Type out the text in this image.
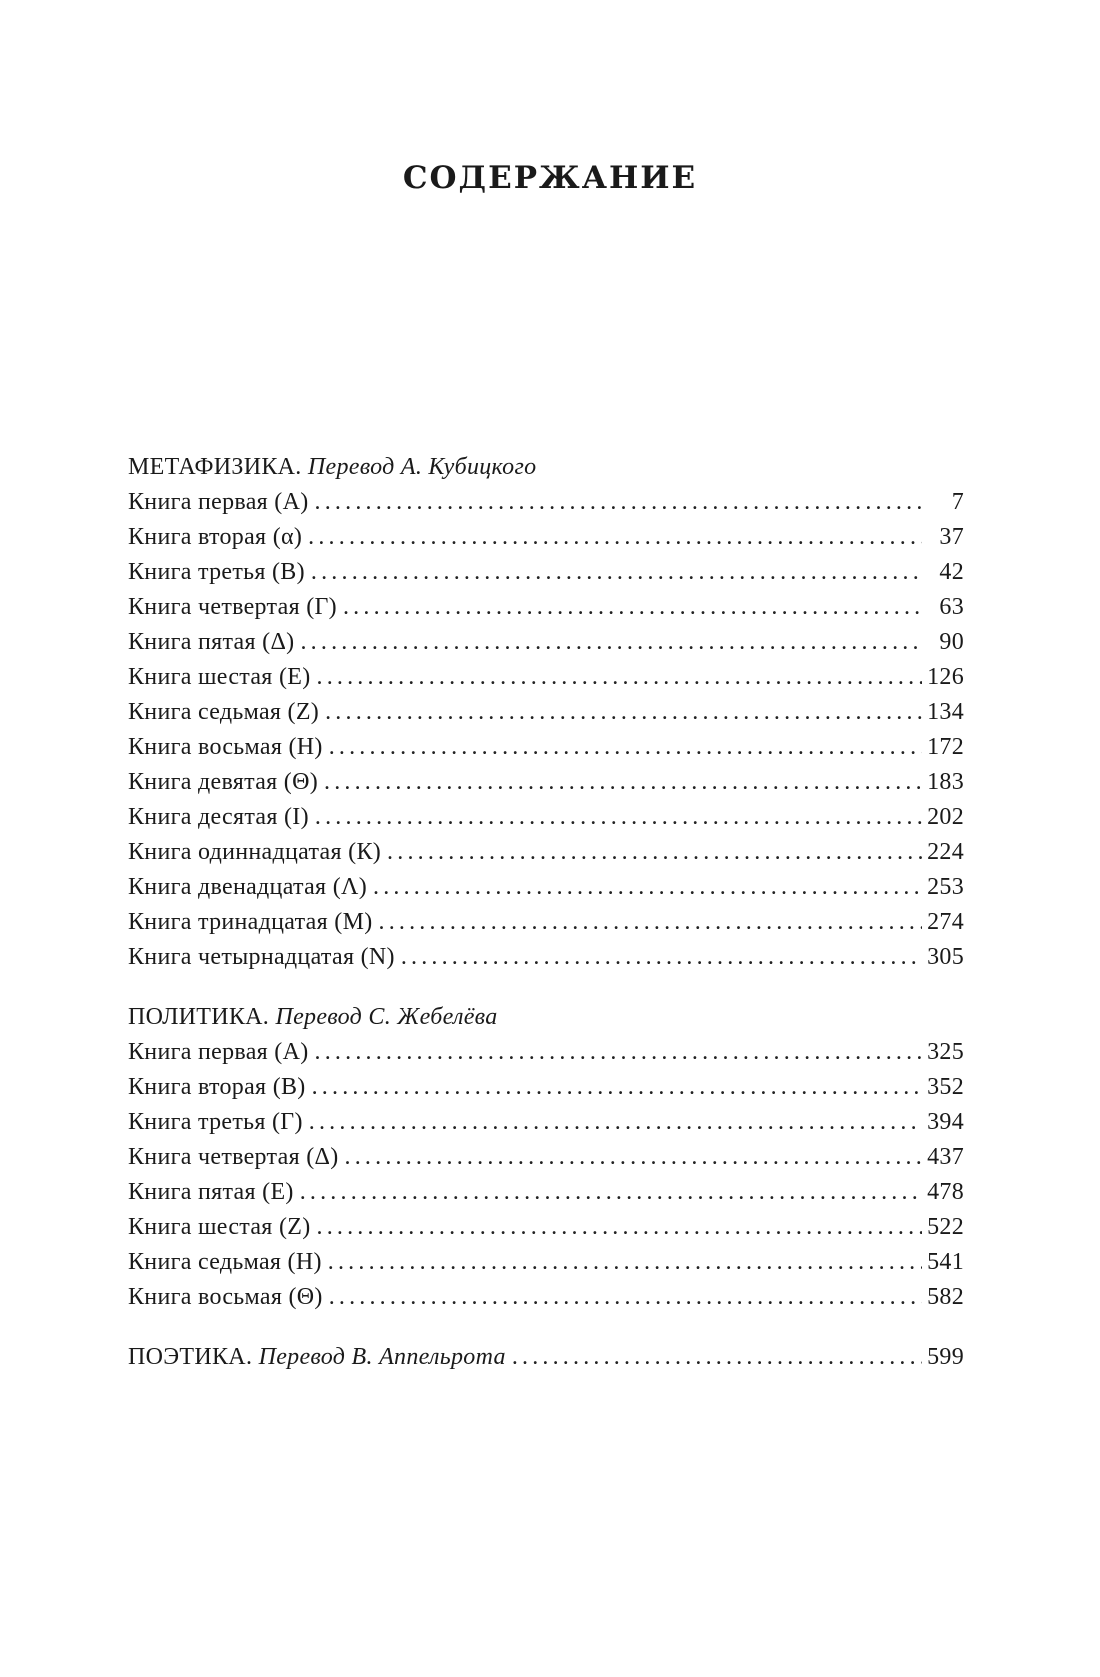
СОДЕРЖАНИЕ
МЕТАФИЗИКА. Перевод А. Кубицкого
Книга первая (А) .....	7
Книга вторая (α) .....	37
Книга третья (В) .....	42
Книга четвертая (Г) .....	63
Книга пятая (Δ) .....	90
Книга шестая (Е) .....	126
Книга седьмая (Z) .....	134
Книга восьмая (Н) .....	172
Книга девятая (Θ) .....	183
Книга десятая (I) .....	202
Книга одиннадцатая (К) .....	224
Книга двенадцатая (Λ) .....	253
Книга тринадцатая (М) .....	274
Книга четырнадцатая (N) .....	305
ПОЛИТИКА. Перевод С. Жебелёва
Книга первая (А) .....	325
Книга вторая (В) .....	352
Книга третья (Г) .....	394
Книга четвертая (Δ) .....	437
Книга пятая (Е) .....	478
Книга шестая (Z) .....	522
Книга седьмая (Н) .....	541
Книга восьмая (Θ) .....	582
ПОЭТИКА. Перевод В. Аппельрота .....	599
